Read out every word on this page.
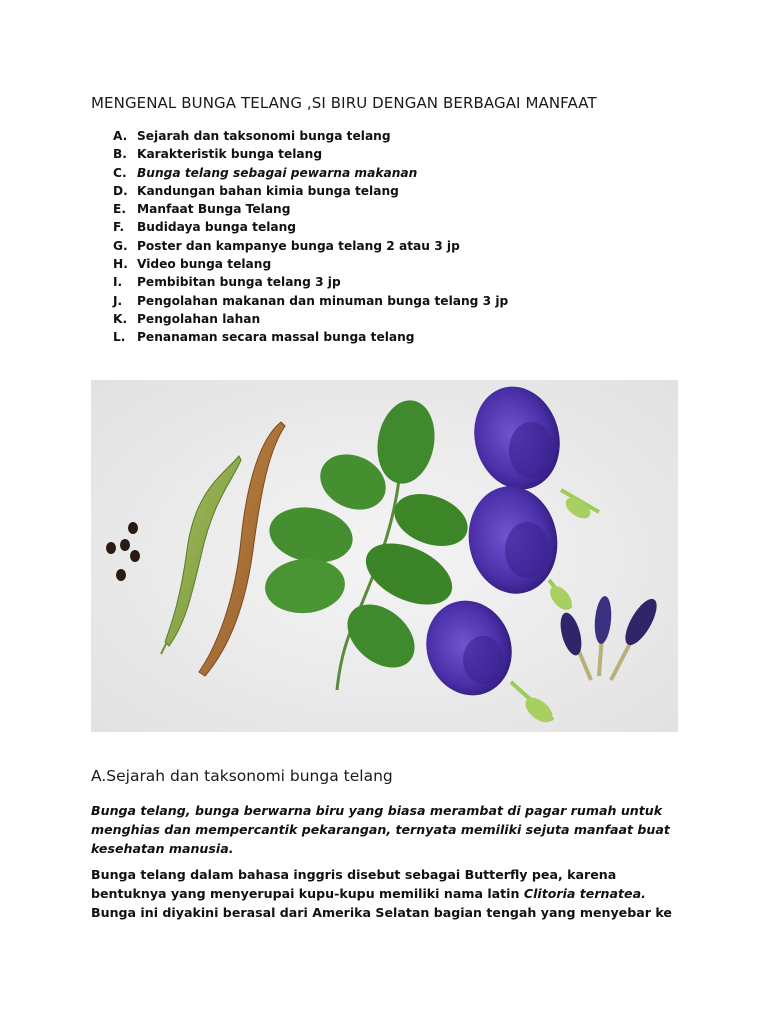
MENGENAL BUNGA TELANG ,SI BIRU DENGAN BERBAGAI MANFAAT
A. Sejarah dan taksonomi bunga telang
B. Karakteristik bunga telang
C. Bunga telang sebagai pewarna makanan
D. Kandungan bahan kimia bunga telang
E. Manfaat Bunga Telang
F. Budidaya bunga telang
G. Poster dan kampanye bunga telang 2 atau 3 jp
H. Video bunga telang
I. Pembibitan bunga telang 3 jp
J. Pengolahan makanan dan minuman bunga telang 3 jp
K. Pengolahan lahan
L. Penanaman secara massal bunga telang
A.Sejarah dan taksonomi bunga telang

Bunga telang, bunga berwarna biru yang biasa merambat di pagar rumah untuk
menghias dan mempercantik pekarangan, ternyata memiliki sejuta manfaat buat
kesehatan manusia.

Bunga telang dalam bahasa inggris disebut sebagai Butterfly pea, karena
bentuknya yang menyerupai kupu-kupu memiliki nama latin Clitoria ternatea.
Bunga ini diyakini berasal dari Amerika Selatan bagian tengah yang menyebar ke
